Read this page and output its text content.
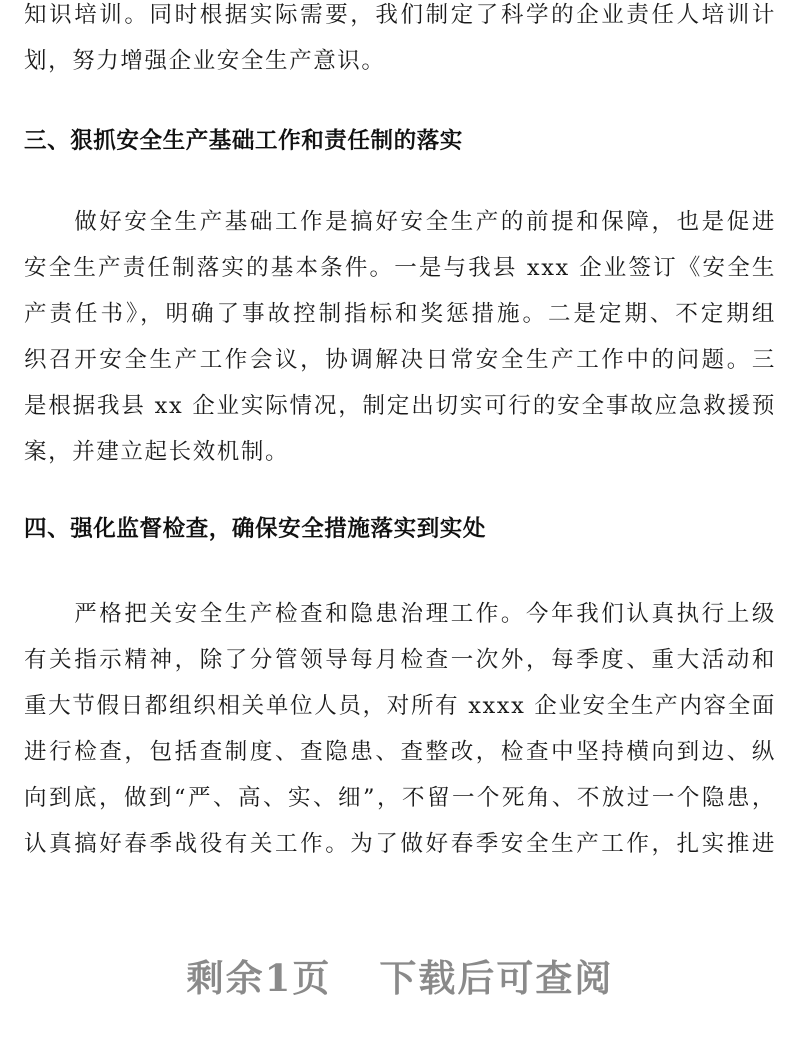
知识培训。同时根据实际需要，我们制定了科学的企业责任人培训计
划，努力增强企业安全生产意识。

三、狠抓安全生产基础工作和责任制的落实

　　做好安全生产基础工作是搞好安全生产的前提和保障，也是促进
安全生产责任制落实的基本条件。一是与我县 xxx 企业签订《安全生
产责任书》，明确了事故控制指标和奖惩措施。二是定期、不定期组
织召开安全生产工作会议，协调解决日常安全生产工作中的问题。三
是根据我县 xx 企业实际情况，制定出切实可行的安全事故应急救援预
案，并建立起长效机制。

四、强化监督检查，确保安全措施落实到实处

　　严格把关安全生产检查和隐患治理工作。今年我们认真执行上级
有关指示精神，除了分管领导每月检查一次外，每季度、重大活动和
重大节假日都组织相关单位人员，对所有 xxxx 企业安全生产内容全面
进行检查，包括查制度、查隐患、查整改，检查中坚持横向到边、纵
向到底，做到“严、高、实、细”，不留一个死角、不放过一个隐患，
认真搞好春季战役有关工作。为了做好春季安全生产工作，扎实推进

剩余1页 下载后可查阅
